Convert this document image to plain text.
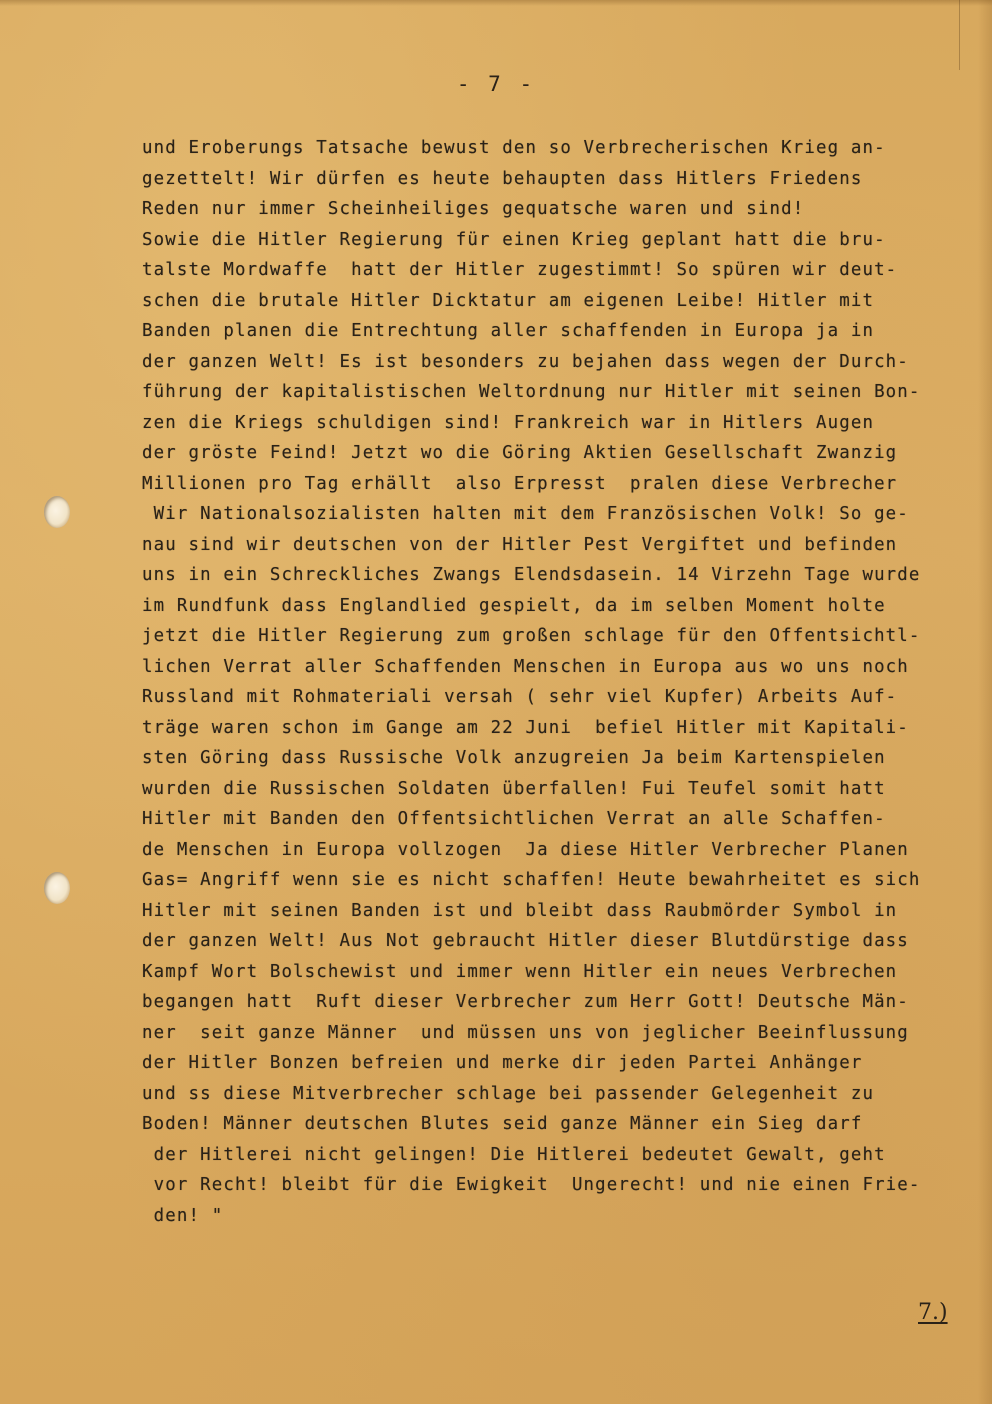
- 7 -
und Eroberungs Tatsache bewust den so Verbrecherischen Krieg an-
gezettelt! Wir dürfen es heute behaupten dass Hitlers Friedens
Reden nur immer Scheinheiliges gequatsche waren und sind!
Sowie die Hitler Regierung für einen Krieg geplant hatt die bru-
talste Mordwaffe  hatt der Hitler zugestimmt! So spüren wir deut-
schen die brutale Hitler Dicktatur am eigenen Leibe! Hitler mit
Banden planen die Entrechtung aller schaffenden in Europa ja in
der ganzen Welt! Es ist besonders zu bejahen dass wegen der Durch-
führung der kapitalistischen Weltordnung nur Hitler mit seinen Bon-
zen die Kriegs schuldigen sind! Frankreich war in Hitlers Augen
der gröste Feind! Jetzt wo die Göring Aktien Gesellschaft Zwanzig
Millionen pro Tag erhällt  also Erpresst  pralen diese Verbrecher
Wir Nationalsozialisten halten mit dem Französischen Volk! So ge-
nau sind wir deutschen von der Hitler Pest Vergiftet und befinden
uns in ein Schreckliches Zwangs Elendsdasein. 14 Virzehn Tage wurde
im Rundfunk dass Englandlied gespielt, da im selben Moment holte
jetzt die Hitler Regierung zum großen schlage für den Offentsichtl-
lichen Verrat aller Schaffenden Menschen in Europa aus wo uns noch
Russland mit Rohmateriali versah ( sehr viel Kupfer) Arbeits Auf-
träge waren schon im Gange am 22 Juni  befiel Hitler mit Kapitali-
sten Göring dass Russische Volk anzugreien Ja beim Kartenspielen
wurden die Russischen Soldaten überfallen! Fui Teufel somit hatt
Hitler mit Banden den Offentsichtlichen Verrat an alle Schaffen-
de Menschen in Europa vollzogen  Ja diese Hitler Verbrecher Planen
Gas= Angriff wenn sie es nicht schaffen! Heute bewahrheitet es sich
Hitler mit seinen Banden ist und bleibt dass Raubmörder Symbol in
der ganzen Welt! Aus Not gebraucht Hitler dieser Blutdürstige dass
Kampf Wort Bolschewist und immer wenn Hitler ein neues Verbrechen
begangen hatt  Ruft dieser Verbrecher zum Herr Gott! Deutsche Män-
ner  seit ganze Männer  und müssen uns von jeglicher Beeinflussung
der Hitler Bonzen befreien und merke dir jeden Partei Anhänger
und ss diese Mitverbrecher schlage bei passender Gelegenheit zu
Boden! Männer deutschen Blutes seid ganze Männer ein Sieg darf
der Hitlerei nicht gelingen! Die Hitlerei bedeutet Gewalt, geht
vor Recht! bleibt für die Ewigkeit  Ungerecht! und nie einen Frie-
den! "
7.)
